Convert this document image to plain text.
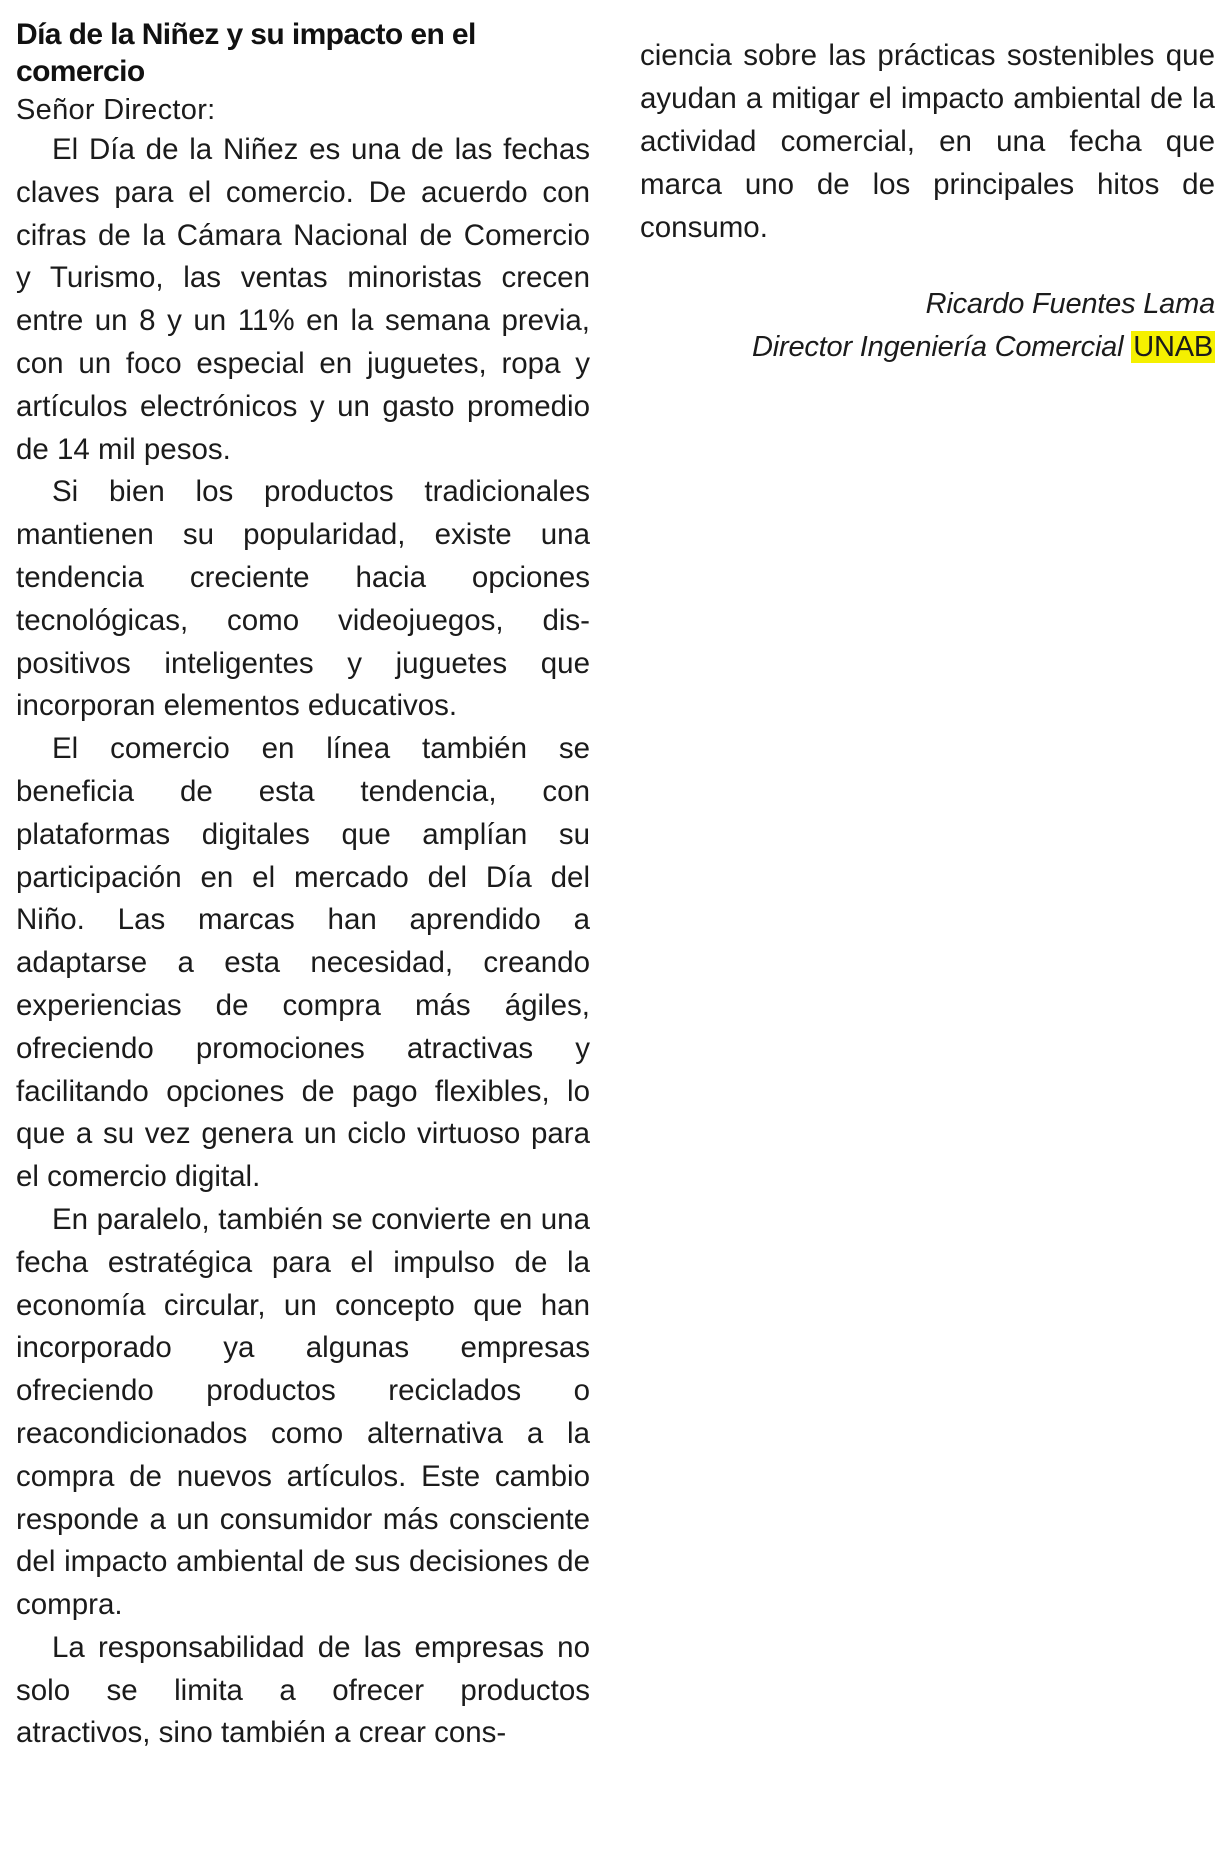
Día de la Niñez y su impacto en el comercio

Señor Director:

El Día de la Niñez es una de las fechas claves para el comercio. De acuerdo con cifras de la Cámara Nacional de Comercio y Turismo, las ventas minoristas crecen entre un 8 y un 11% en la semana previa, con un foco especial en juguetes, ropa y artículos electrónicos y un gasto promedio de 14 mil pesos.

Si bien los productos tradicionales mantienen su popularidad, existe una tendencia creciente hacia opciones tecnológicas, como videojuegos, dispositivos inteligentes y juguetes que incorporan elementos educativos.

El comercio en línea también se beneficia de esta tendencia, con plataformas digitales que amplían su participación en el mercado del Día del Niño. Las marcas han aprendido a adaptarse a esta necesidad, creando experiencias de compra más ágiles, ofreciendo promociones atractivas y facilitando opciones de pago flexibles, lo que a su vez genera un ciclo virtuoso para el comercio digital.

En paralelo, también se convierte en una fecha estratégica para el impulso de la economía circular, un concepto que han incorporado ya algunas empresas ofreciendo productos reciclados o reacondicionados como alternativa a la compra de nuevos artículos. Este cambio responde a un consumidor más consciente del impacto ambiental de sus decisiones de compra.

La responsabilidad de las empresas no solo se limita a ofrecer productos atractivos, sino también a crear cons-

ciencia sobre las prácticas sostenibles que ayudan a mitigar el impacto ambiental de la actividad comercial, en una fecha que marca uno de los principales hitos de consumo.

Ricardo Fuentes Lama
Director Ingeniería Comercial UNAB
